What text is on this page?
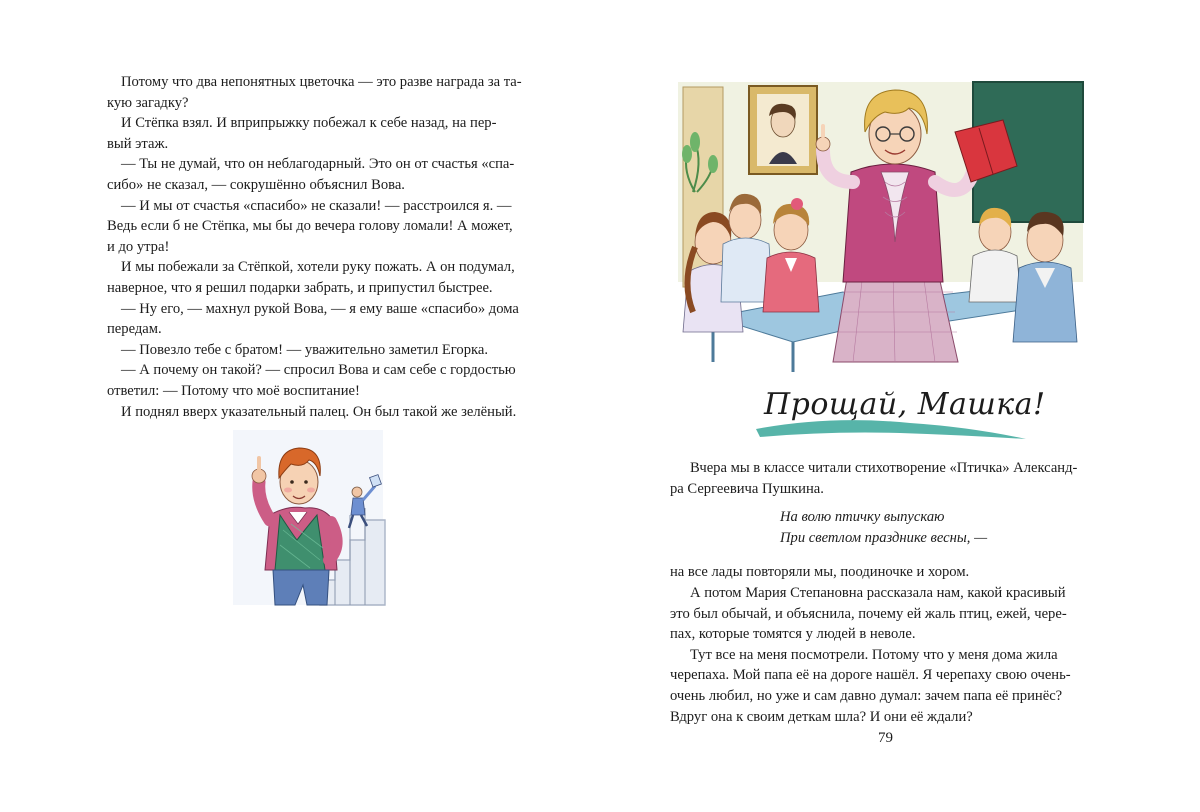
Потому что два непонятных цветочка — это разве награда за та-

кую загадку?

И Стёпка взял. И вприпрыжку побежал к себе назад, на пер-

вый этаж.

— Ты не думай, что он неблагодарный. Это он от счастья «спа-

сибо» не сказал, — сокрушённо объяснил Вова.

— И мы от счастья «спасибо» не сказали! — расстроился я. —

Ведь если б не Стёпка, мы бы до вечера голову ломали! А может,

и до утра!

И мы побежали за Стёпкой, хотели руку пожать. А он подумал,

наверное, что я решил подарки забрать, и припустил быстрее.

— Ну его, — махнул рукой Вова, — я ему ваше «спасибо» дома

передам.

— Повезло тебе с братом! — уважительно заметил Егорка.

— А почему он такой? — спросил Вова и сам себе с гордостью

ответил: — Потому что моё воспитание!

И поднял вверх указательный палец. Он был такой же зелёный.	Прощай, Машка!

Вчера мы в классе читали стихотворение «Птичка» Александ-

ра Сергеевича Пушкина.

На волю птичку выпускаю
При светлом празднике весны, —

на все лады повторяли мы, поодиночке и хором.

А потом Мария Степановна рассказала нам, какой красивый

это был обычай, и объяснила, почему ей жаль птиц, ежей, чере-

пах, которые томятся у людей в неволе.

Тут все на меня посмотрели. Потому что у меня дома жила

черепаха. Мой папа её на дороге нашёл. Я черепаху свою очень-

очень любил, но уже и сам давно думал: зачем папа её принёс?

Вдруг она к своим деткам шла? И они её ждали?

79
